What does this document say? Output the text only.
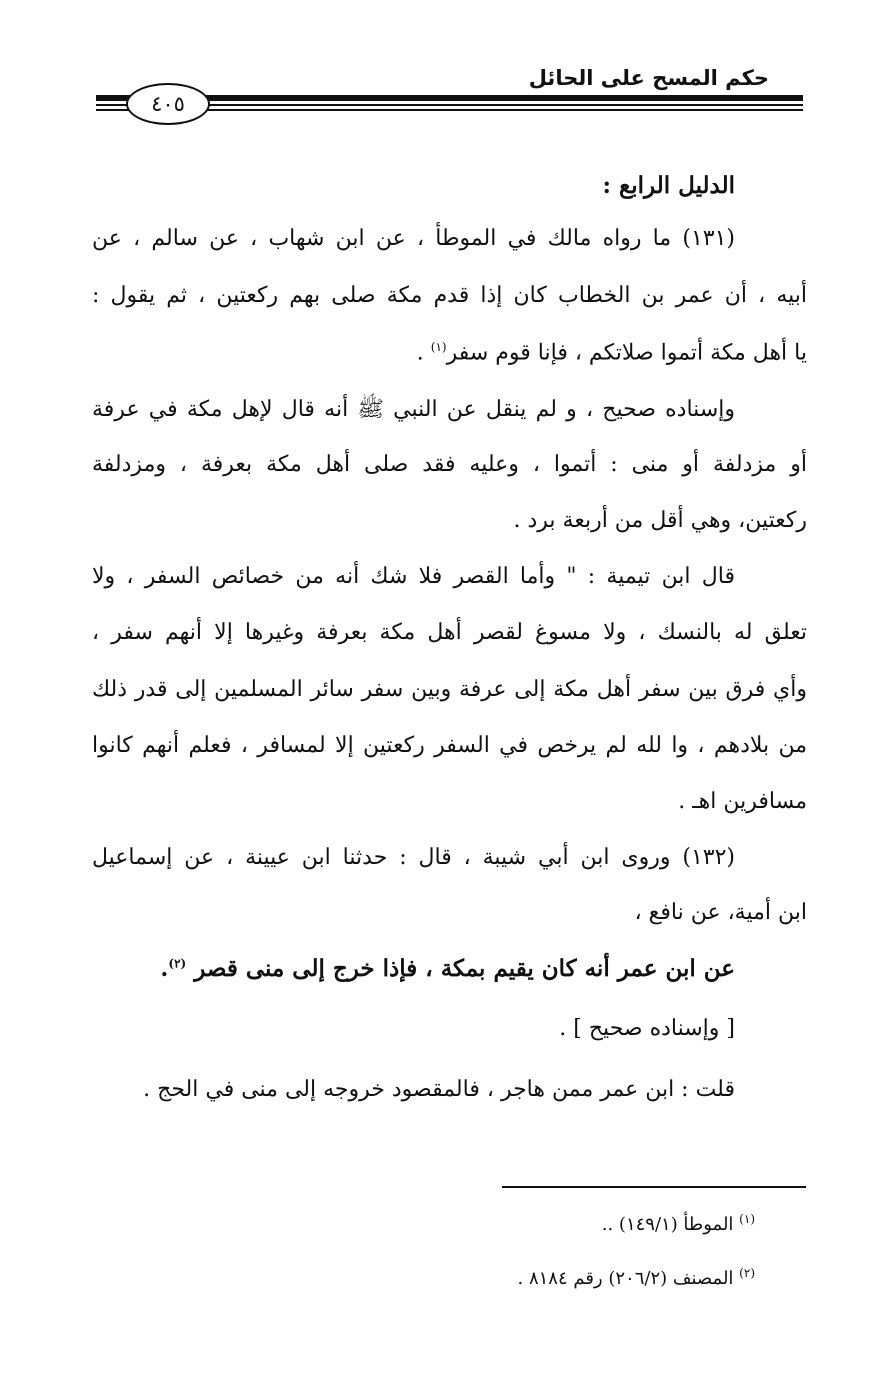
حكم المسح على الحائل
٤٠٥
الدليل الرابع :
(١٣١) ما رواه مالك في الموطأ ، عن ابن شهاب ، عن سالم ، عن
أبيه ، أن عمر بن الخطاب كان إذا قدم مكة صلى بهم ركعتين ، ثم يقول :
يا أهل مكة أتموا صلاتكم ، فإنا قوم سفر$^{(١)}$ .
وإسناده صحيح ، و لم ينقل عن النبي ﷺ أنه قال لإهل مكة في عرفة
أو مزدلفة أو منى : أتموا ، وعليه فقد صلى أهل مكة بعرفة ، ومزدلفة
ركعتين، وهي أقل من أربعة برد .
قال ابن تيمية : " وأما القصر فلا شك أنه من خصائص السفر ، ولا
تعلق له بالنسك ، ولا مسوغ لقصر أهل مكة بعرفة وغيرها إلا أنهم سفر ،
وأي فرق بين سفر أهل مكة إلى عرفة وبين سفر سائر المسلمين إلى قدر ذلك
من بلادهم ، وا لله لم يرخص في السفر ركعتين إلا لمسافر ، فعلم أنهم كانوا
مسافرين اهـ .
(١٣٢) وروى ابن أبي شيبة ، قال : حدثنا ابن عيينة ، عن إسماعيل
ابن أمية، عن نافع ،
عن ابن عمر أنه كان يقيم بمكة ، فإذا خرج إلى منى قصر $^{(٢)}$.
[ وإسناده صحيح ] .
قلت : ابن عمر ممن هاجر ، فالمقصود خروجه إلى منى في الحج .
$^{(١)}$ الموطأ (١٤٩/١) ..
$^{(٢)}$ المصنف (٢٠٦/٢) رقم ٨١٨٤ .
